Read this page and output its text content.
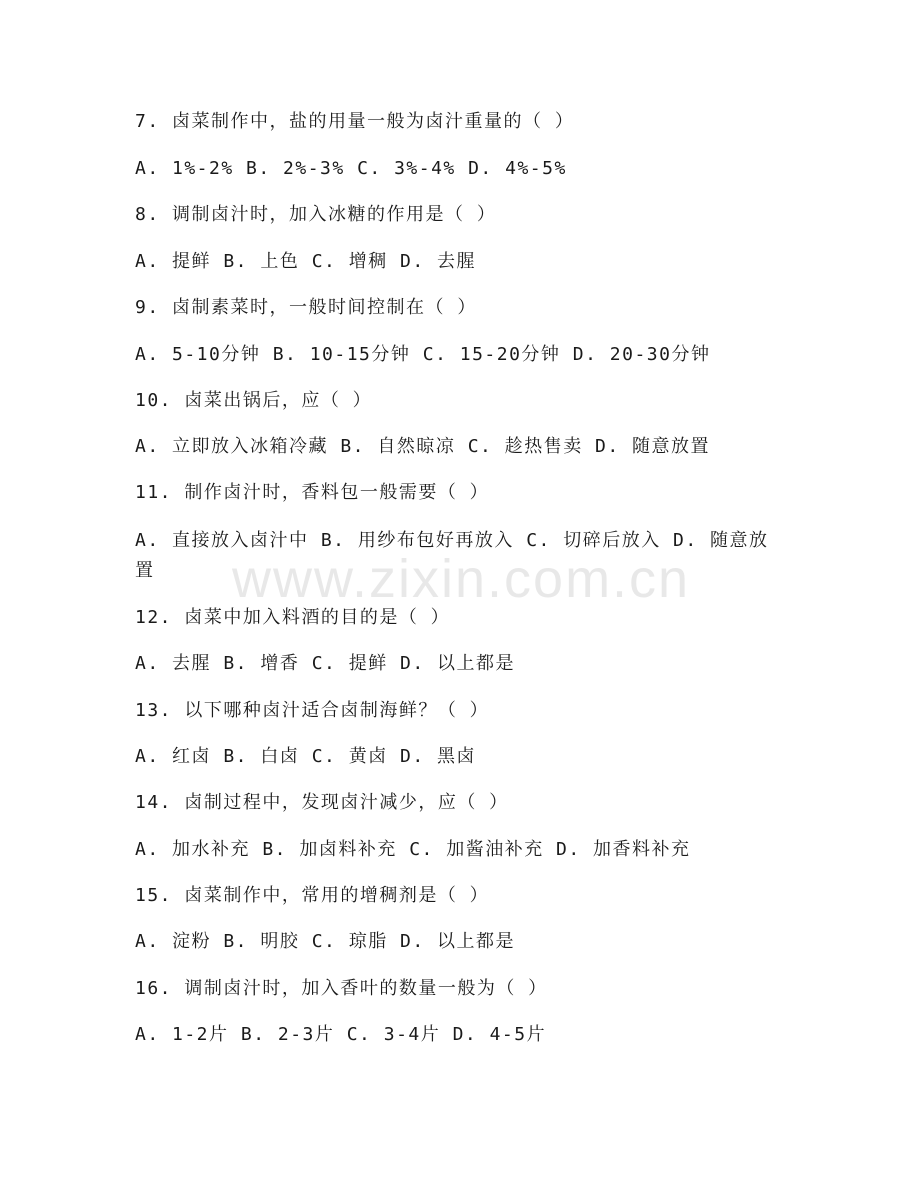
7. 卤菜制作中，盐的用量一般为卤汁重量的（ ）
A. 1%-2% B. 2%-3% C. 3%-4% D. 4%-5%
8. 调制卤汁时，加入冰糖的作用是（ ）
A. 提鲜 B. 上色 C. 增稠 D. 去腥
9. 卤制素菜时，一般时间控制在（ ）
A. 5-10分钟 B. 10-15分钟 C. 15-20分钟 D. 20-30分钟
10. 卤菜出锅后，应（ ）
A. 立即放入冰箱冷藏 B. 自然晾凉 C. 趁热售卖 D. 随意放置
11. 制作卤汁时，香料包一般需要（ ）
A. 直接放入卤汁中 B. 用纱布包好再放入 C. 切碎后放入 D. 随意放置
12. 卤菜中加入料酒的目的是（ ）
A. 去腥 B. 增香 C. 提鲜 D. 以上都是
13. 以下哪种卤汁适合卤制海鲜？（ ）
A. 红卤 B. 白卤 C. 黄卤 D. 黑卤
14. 卤制过程中，发现卤汁减少，应（ ）
A. 加水补充 B. 加卤料补充 C. 加酱油补充 D. 加香料补充
15. 卤菜制作中，常用的增稠剂是（ ）
A. 淀粉 B. 明胶 C. 琼脂 D. 以上都是
16. 调制卤汁时，加入香叶的数量一般为（ ）
A. 1-2片 B. 2-3片 C. 3-4片 D. 4-5片
www.zixin.com.cn
